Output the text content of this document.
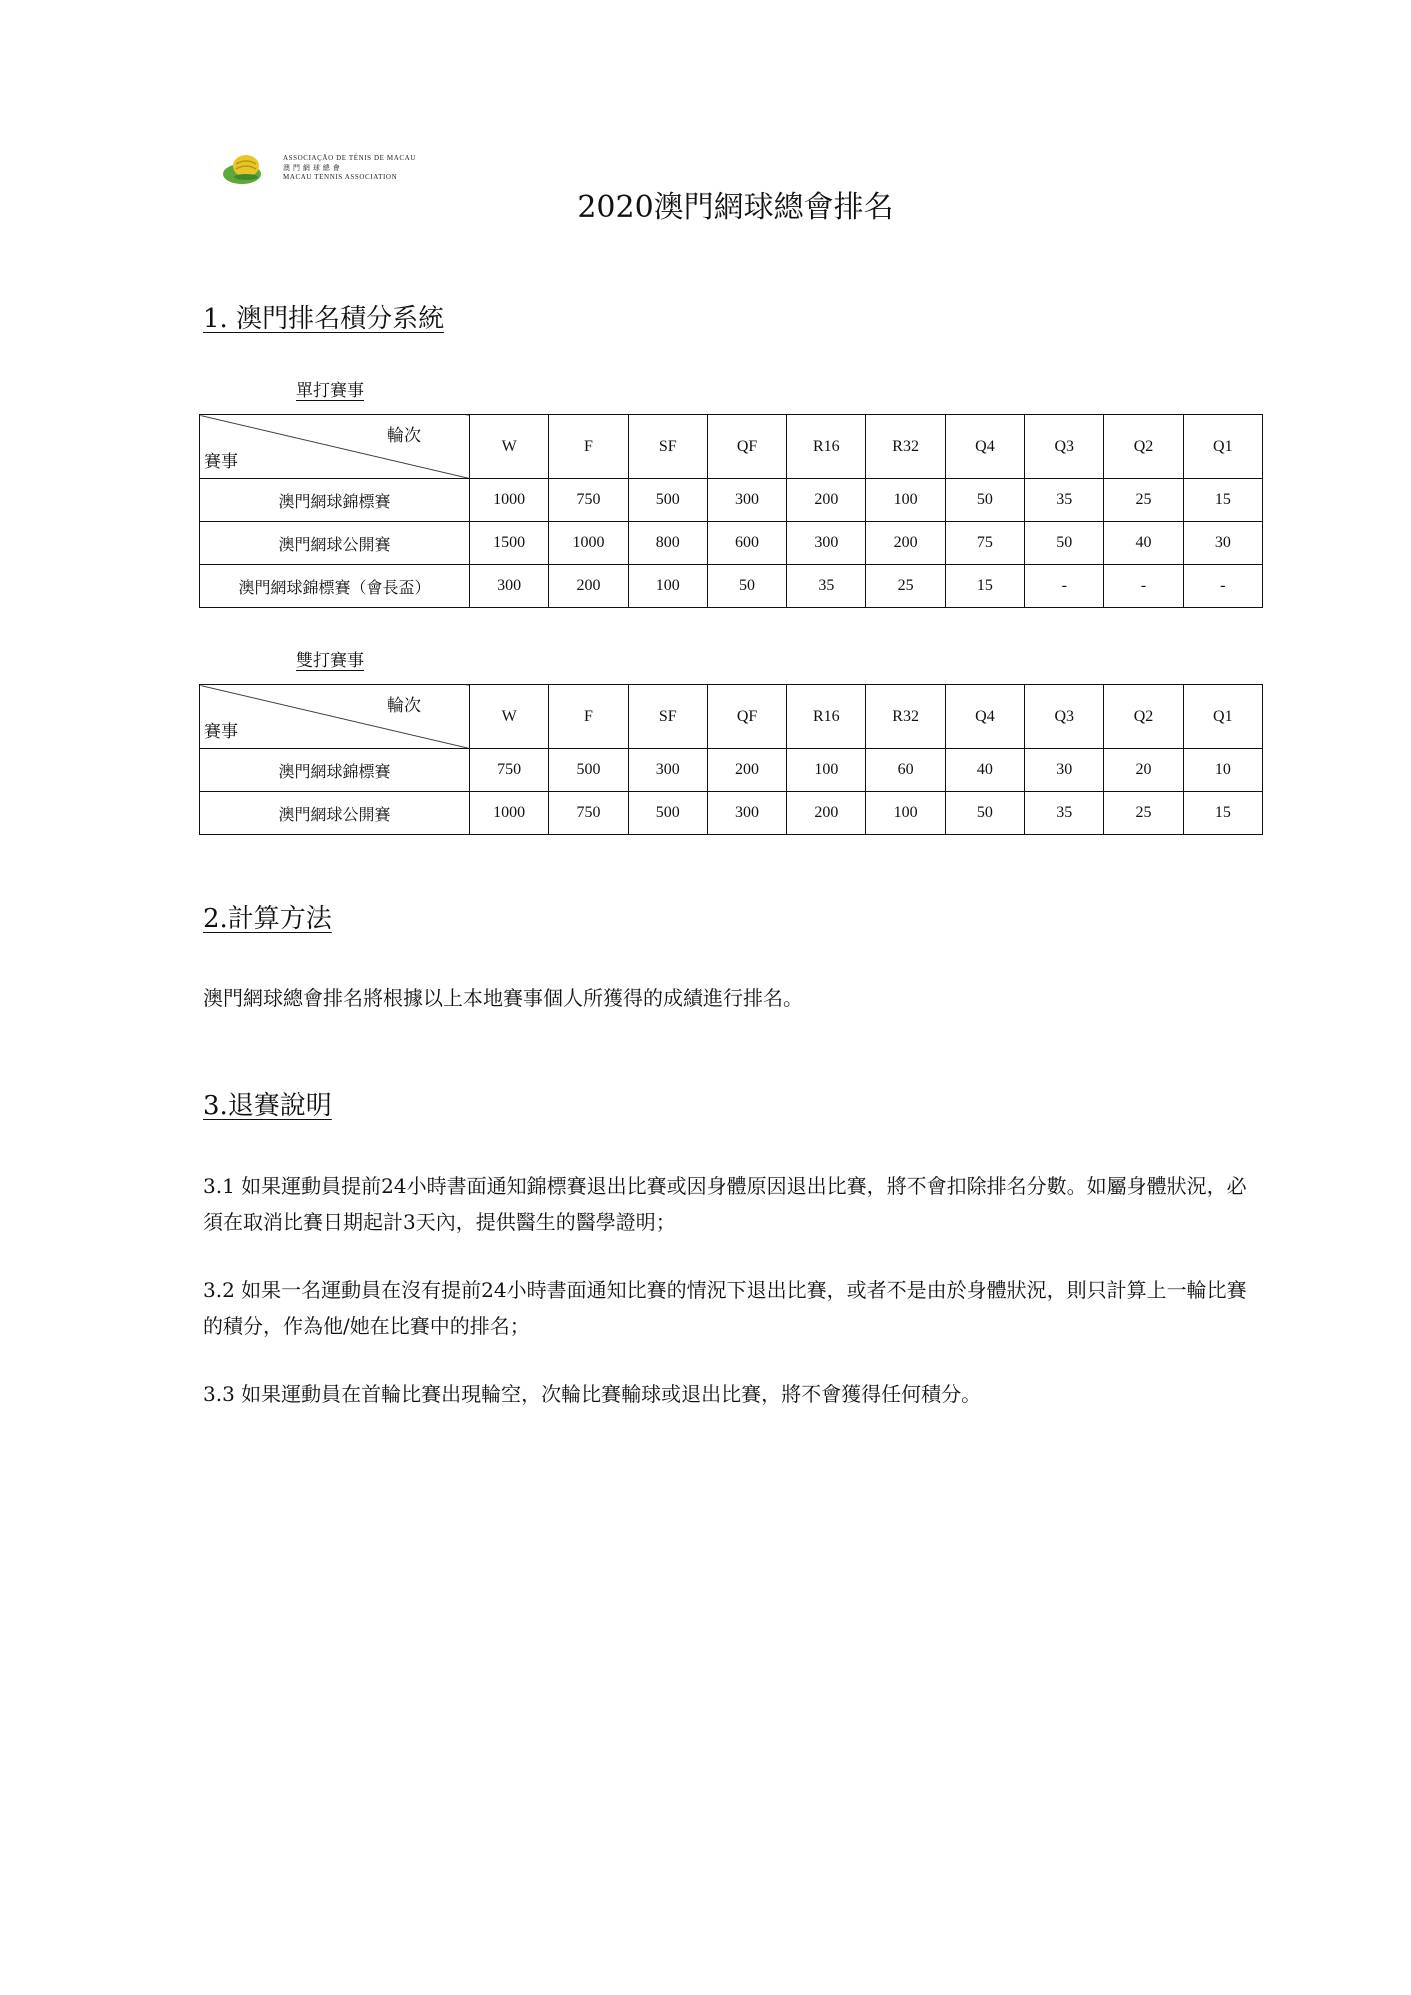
ASSOCIAÇÃO DE TÉNIS DE MACAU
澳 門 網 球 總 會
MACAU TENNIS ASSOCIATION
2020澳門網球總會排名
1. 澳門排名積分系統
單打賽事
輪次
賽事	W	F	SF	QF	R16	R32	Q4	Q3	Q2	Q1
澳門網球錦標賽	1000	750	500	300	200	100	50	35	25	15
澳門網球公開賽	1500	1000	800	600	300	200	75	50	40	30
澳門網球錦標賽（會長盃）	300	200	100	50	35	25	15	-	-	-
雙打賽事
輪次
賽事	W	F	SF	QF	R16	R32	Q4	Q3	Q2	Q1
澳門網球錦標賽	750	500	300	200	100	60	40	30	20	10
澳門網球公開賽	1000	750	500	300	200	100	50	35	25	15
2.計算方法
澳門網球總會排名將根據以上本地賽事個人所獲得的成績進行排名。
3.退賽說明
3.1 如果運動員提前24小時書面通知錦標賽退出比賽或因身體原因退出比賽，將不會扣除排名分數。如屬身體狀況，必須在取消比賽日期起計3天內，提供醫生的醫學證明；
3.2 如果一名運動員在沒有提前24小時書面通知比賽的情況下退出比賽，或者不是由於身體狀況，則只計算上一輪比賽的積分，作為他/她在比賽中的排名；
3.3 如果運動員在首輪比賽出現輪空，次輪比賽輸球或退出比賽，將不會獲得任何積分。
